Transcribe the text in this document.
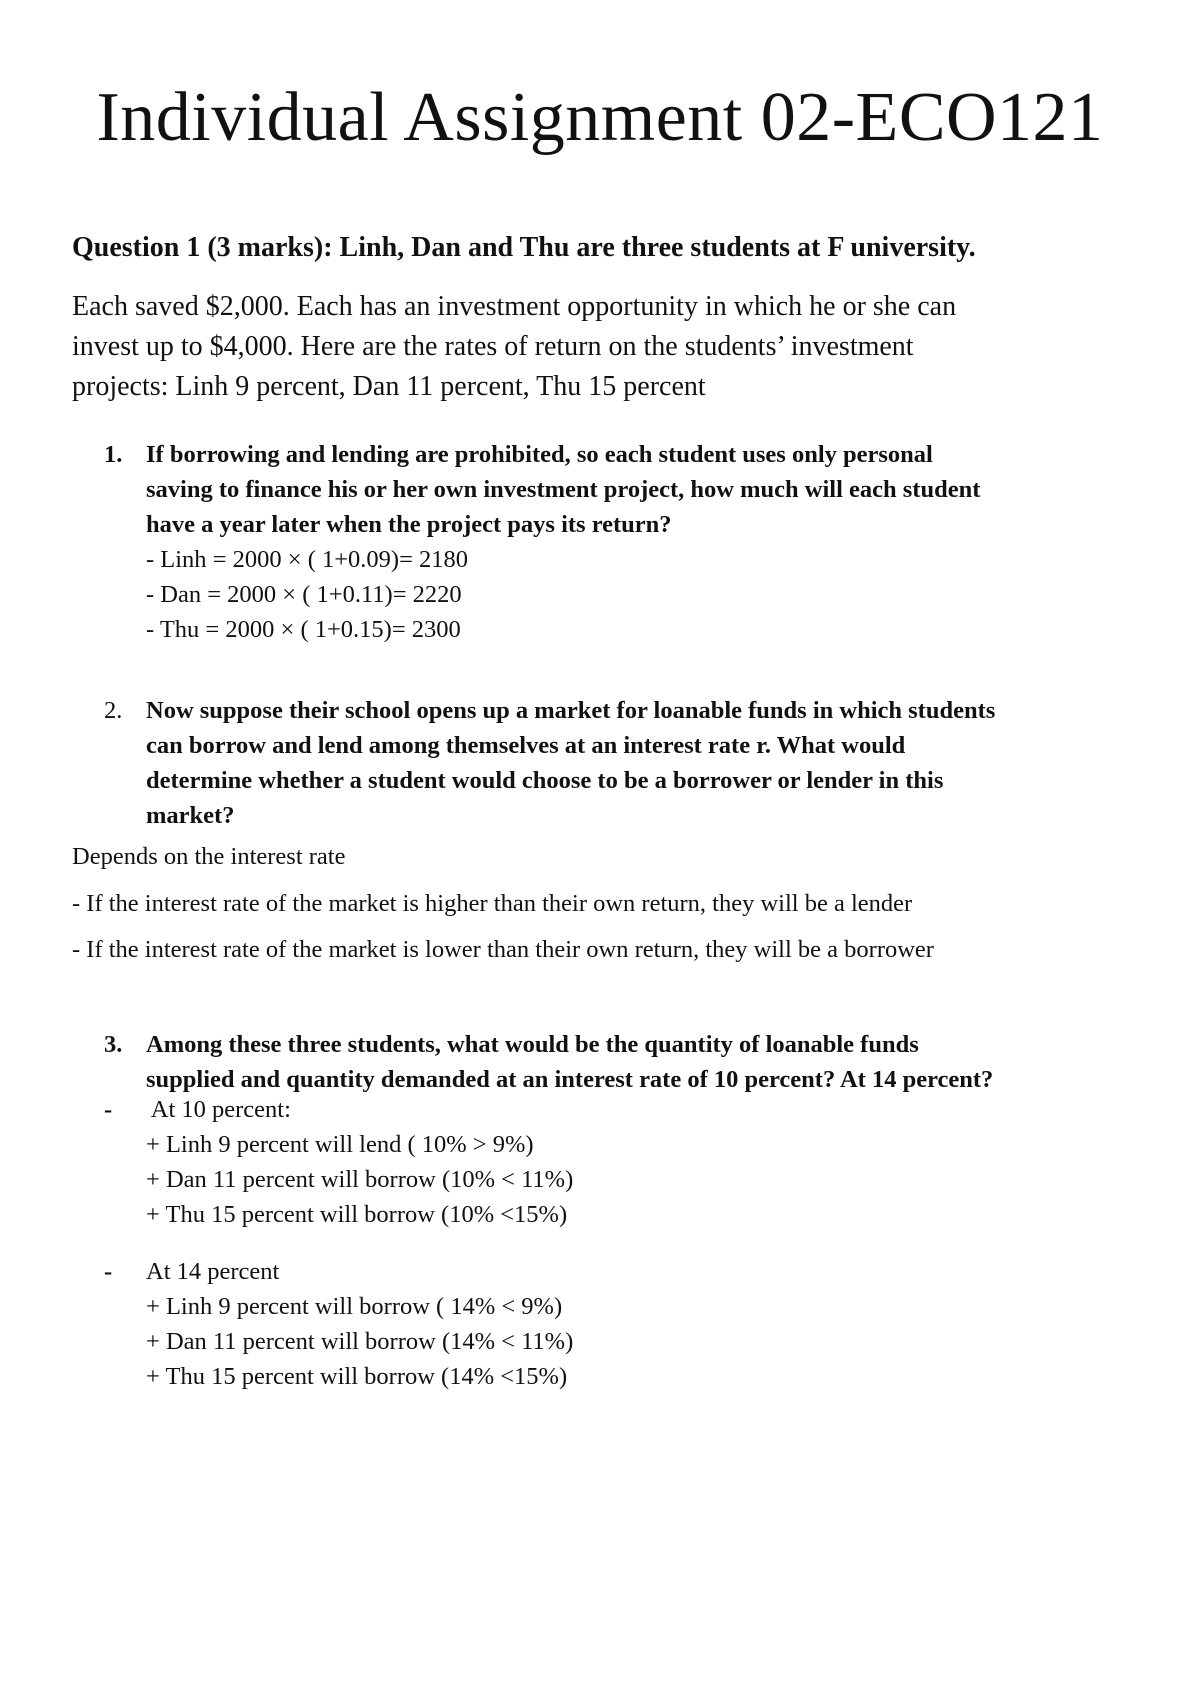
Individual Assignment 02-ECO121

Question 1 (3 marks): Linh, Dan and Thu are three students at F university.

Each saved $2,000. Each has an investment opportunity in which he or she can
invest up to $4,000. Here are the rates of return on the students’ investment
projects: Linh 9 percent, Dan 11 percent, Thu 15 percent

1. If borrowing and lending are prohibited, so each student uses only personal
saving to finance his or her own investment project, how much will each student
have a year later when the project pays its return?
- Linh = 2000 × ( 1+0.09)= 2180
- Dan = 2000 × ( 1+0.11)= 2220
- Thu = 2000 × ( 1+0.15)= 2300
2. Now suppose their school opens up a market for loanable funds in which students
can borrow and lend among themselves at an interest rate r. What would
determine whether a student would choose to be a borrower or lender in this
market?

Depends on the interest rate

- If the interest rate of the market is higher than their own return, they will be a lender

- If the interest rate of the market is lower than their own return, they will be a borrower

3. Among these three students, what would be the quantity of loanable funds
supplied and quantity demanded at an interest rate of 10 percent? At 14 percent?
- At 10 percent:
+ Linh 9 percent will lend ( 10% > 9%)
+ Dan 11 percent will borrow (10% < 11%)
+ Thu 15 percent will borrow (10% <15%)
- At 14 percent
+ Linh 9 percent will borrow ( 14% < 9%)
+ Dan 11 percent will borrow (14% < 11%)
+ Thu 15 percent will borrow (14% <15%)
